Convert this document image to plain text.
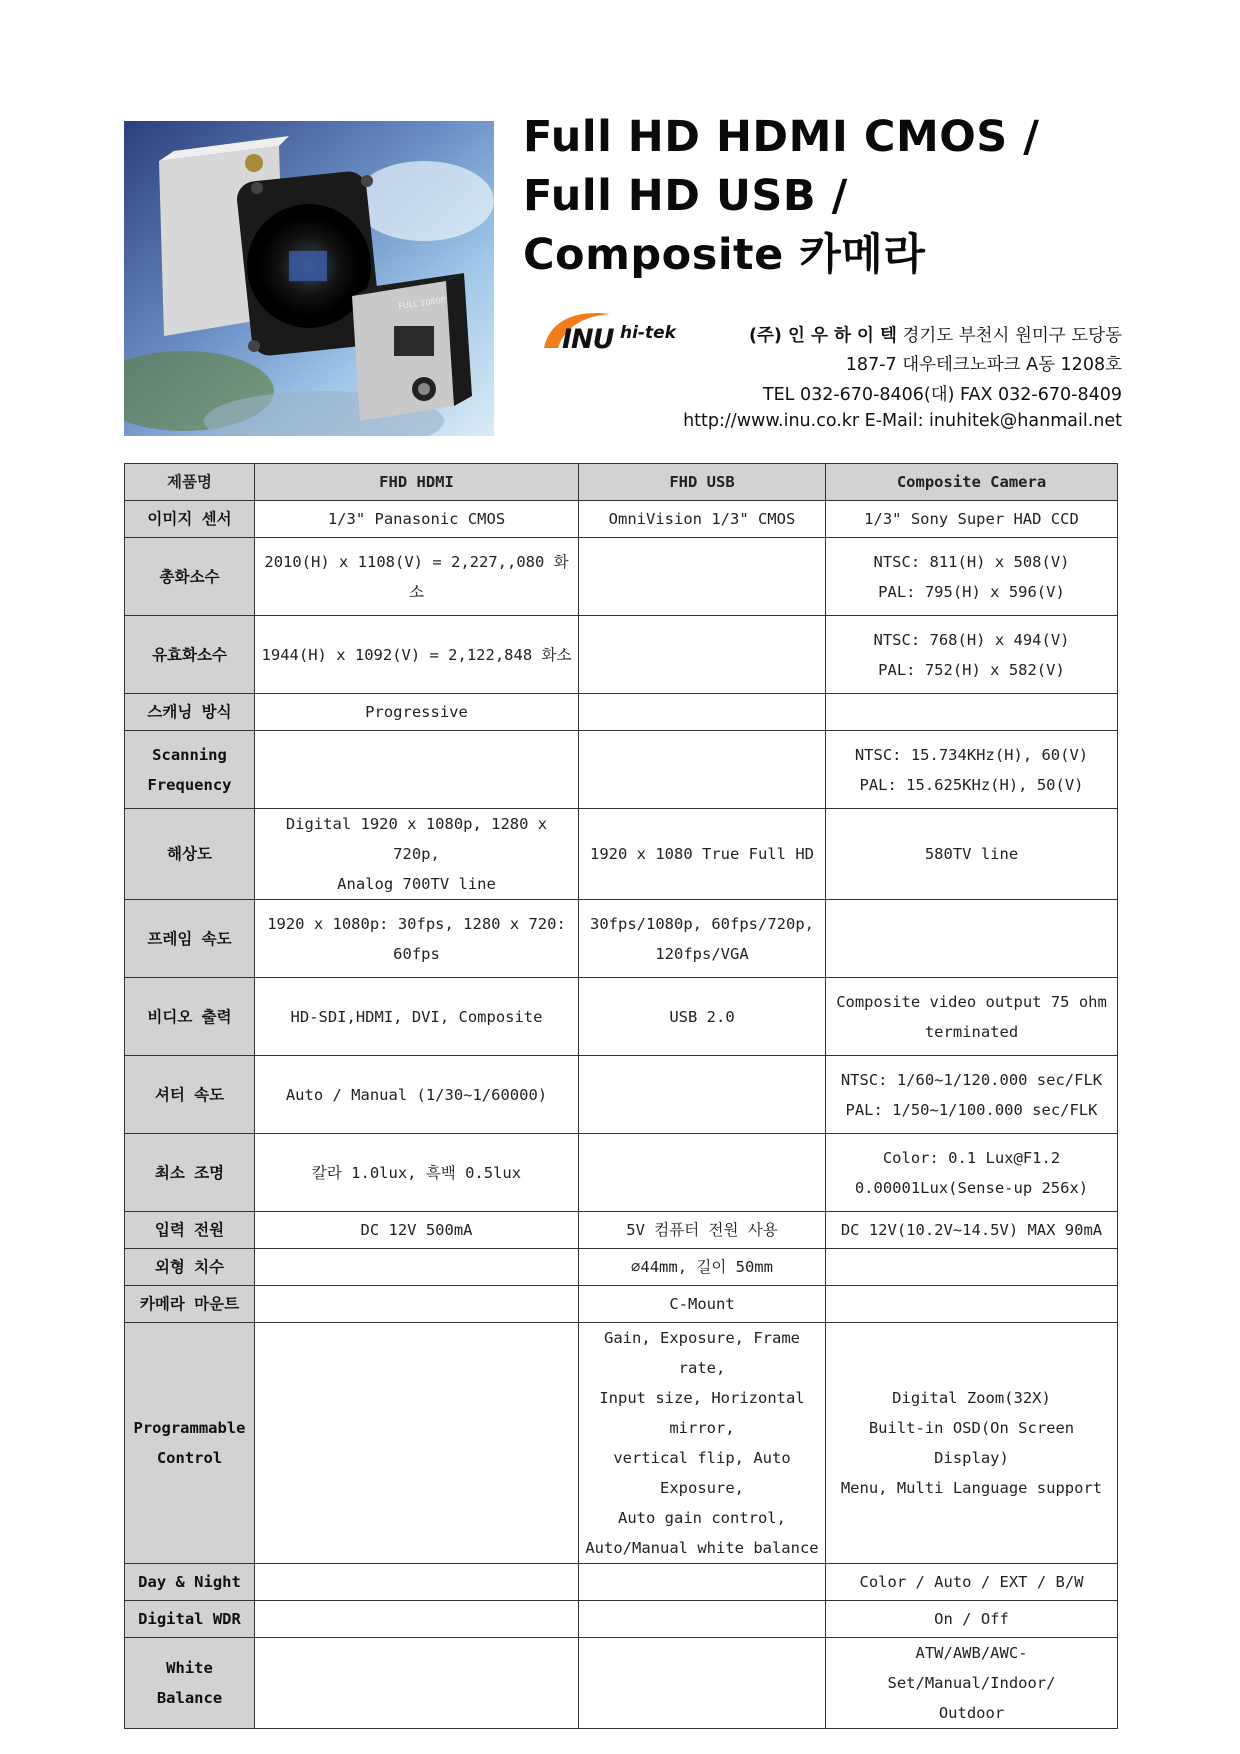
FULL 1080P
Full HD HDMI CMOS /
Full HD USB /
Composite 카메라
INU hi-tek	(주) 인 우 하 이 텍 경기도 부천시 원미구 도당동
187-7 대우테크노파크 A동 1208호
TEL 032-670-8406(대) FAX 032-670-8409
http://www.inu.co.kr E-Mail: inuhitek@hanmail.net
제품명	FHD HDMI	FHD USB	Composite Camera

이미지 센서	1/3" Panasonic CMOS	OmniVision 1/3" CMOS	1/3" Sony Super HAD CCD

총화소수	2010(H) x 1108(V) = 2,227,,080 화소		NTSC: 811(H) x 508(V)
PAL: 795(H) x 596(V)

유효화소수	1944(H) x 1092(V) = 2,122,848 화소		NTSC: 768(H) x 494(V)
PAL: 752(H) x 582(V)

스캐닝 방식	Progressive		

Scanning
Frequency			NTSC: 15.734KHz(H), 60(V)
PAL: 15.625KHz(H), 50(V)

해상도	Digital 1920 x 1080p, 1280 x 720p,
Analog 700TV line	1920 x 1080 True Full HD	580TV line

프레임 속도	1920 x 1080p: 30fps, 1280 x 720: 60fps	30fps/1080p, 60fps/720p,
120fps/VGA	

비디오 출력	HD-SDI,HDMI, DVI, Composite	USB 2.0	Composite video output 75 ohm
terminated

셔터 속도	Auto / Manual (1/30~1/60000)		NTSC: 1/60~1/120.000 sec/FLK
PAL: 1/50~1/100.000 sec/FLK

최소 조명	칼라 1.0lux, 흑백 0.5lux		Color: 0.1 Lux@F1.2
0.00001Lux(Sense-up 256x)

입력 전원	DC 12V 500mA	5V 컴퓨터 전원 사용	DC 12V(10.2V~14.5V) MAX 90mA

외형 치수		∅44mm, 길이 50mm	

카메라 마운트		C-Mount	

Programmable
Control		Gain, Exposure, Frame rate,
Input size, Horizontal mirror,
vertical flip, Auto Exposure,
Auto gain control,
Auto/Manual white balance	Digital Zoom(32X)
Built-in OSD(On Screen Display)
Menu, Multi Language support

Day & Night			Color / Auto / EXT / B/W

Digital WDR			On / Off

White Balance			ATW/AWB/AWC-Set/Manual/Indoor/
Outdoor
